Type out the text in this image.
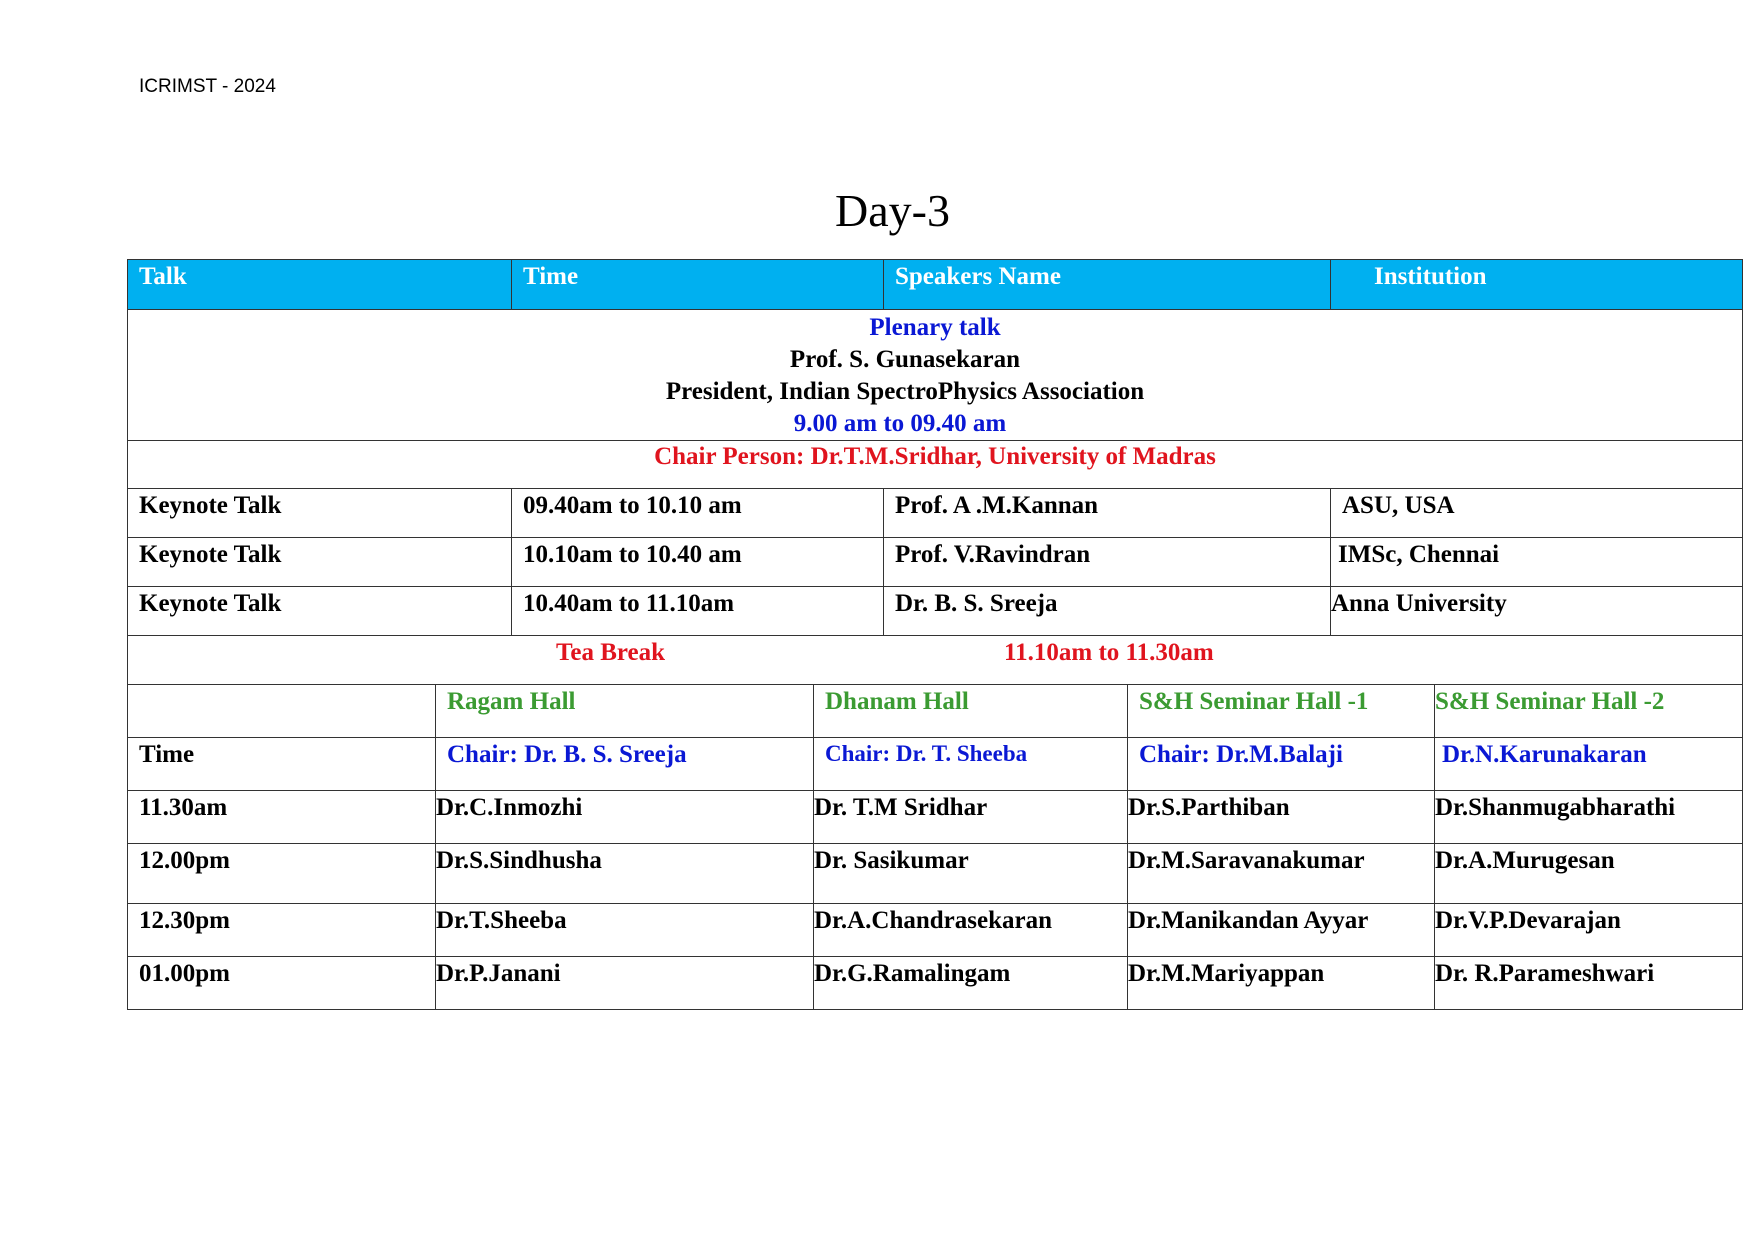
ICRIMST - 2024
Day-3
Talk		Time		Speakers Name		Institution	

Plenary talk
Prof. S. Gunasekaran
President, Indian SpectroPhysics Association
9.00 am to 09.40 am							

Chair Person: Dr.T.M.Sridhar, University of Madras							
Keynote Talk		09.40am to 10.10 am		Prof. A .M.Kannan		ASU, USA	
Keynote Talk		10.10am to 10.40 am		Prof. V.Ravindran		IMSc, Chennai	
Keynote Talk		10.40am to 11.10am		Dr. B. S. Sreeja		Anna University	

Tea Break 11.10am to 11.30am							

	Ragam Hall		Dhanam Hall		S&H Seminar Hall -1		S&H Seminar Hall -2
Time	Chair: Dr. B. S. Sreeja		Chair: Dr. T. Sheeba		Chair: Dr.M.Balaji		Dr.N.Karunakaran
11.30am	Dr.C.Inmozhi		Dr. T.M Sridhar		Dr.S.Parthiban		Dr.Shanmugabharathi
12.00pm	Dr.S.Sindhusha		Dr. Sasikumar		Dr.M.Saravanakumar		Dr.A.Murugesan
12.30pm	Dr.T.Sheeba		Dr.A.Chandrasekaran		Dr.Manikandan Ayyar		Dr.V.P.Devarajan
01.00pm	Dr.P.Janani		Dr.G.Ramalingam		Dr.M.Mariyappan		Dr. R.Parameshwari
